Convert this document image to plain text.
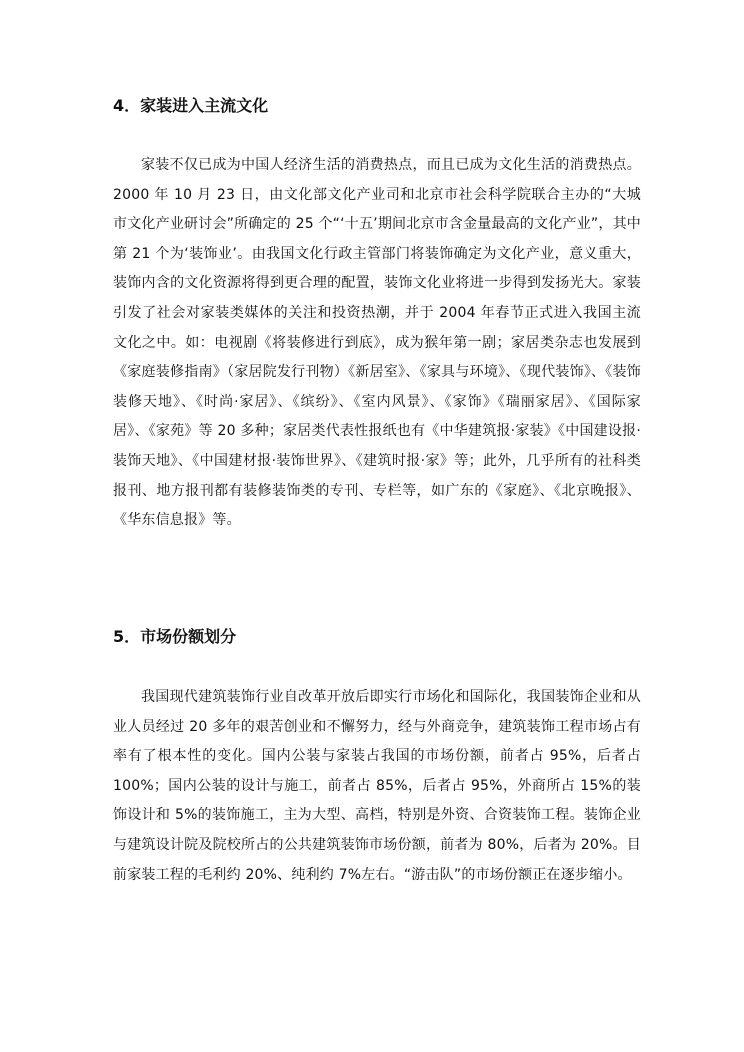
4．家装进入主流文化

家装不仅已成为中国人经济生活的消费热点，而且已成为文化生活的消费热点。2000 年 10 月 23 日，由文化部文化产业司和北京市社会科学院联合主办的“大城市文化产业研讨会”所确定的 25 个“‘十五’期间北京市含金量最高的文化产业”，其中第 21 个为‘装饰业’。由我国文化行政主管部门将装饰确定为文化产业，意义重大，装饰内含的文化资源将得到更合理的配置，装饰文化业将进一步得到发扬光大。家装引发了社会对家装类媒体的关注和投资热潮，并于 2004 年春节正式进入我国主流文化之中。如：电视剧《将装修进行到底》，成为猴年第一剧；家居类杂志也发展到《家庭装修指南》（家居院发行刊物）《新居室》、《家具与环境》、《现代装饰》、《装饰装修天地》、《时尚·家居》、《缤纷》、《室内风景》、《家饰》《瑞丽家居》、《国际家居》、《家苑》等 20 多种；家居类代表性报纸也有《中华建筑报·家装》《中国建设报·装饰天地》、《中国建材报·装饰世界》、《建筑时报·家》等；此外，几乎所有的社科类报刊、地方报刊都有装修装饰类的专刊、专栏等，如广东的《家庭》、《北京晚报》、《华东信息报》等。

5．市场份额划分

我国现代建筑装饰行业自改革开放后即实行市场化和国际化，我国装饰企业和从业人员经过 20 多年的艰苦创业和不懈努力，经与外商竞争，建筑装饰工程市场占有率有了根本性的变化。国内公装与家装占我国的市场份额，前者占 95%，后者占 100%；国内公装的设计与施工，前者占 85%，后者占 95%，外商所占 15%的装饰设计和 5%的装饰施工，主为大型、高档，特别是外资、合资装饰工程。装饰企业与建筑设计院及院校所占的公共建筑装饰市场份额，前者为 80%，后者为 20%。目前家装工程的毛利约 20%、纯利约 7%左右。“游击队”的市场份额正在逐步缩小。
